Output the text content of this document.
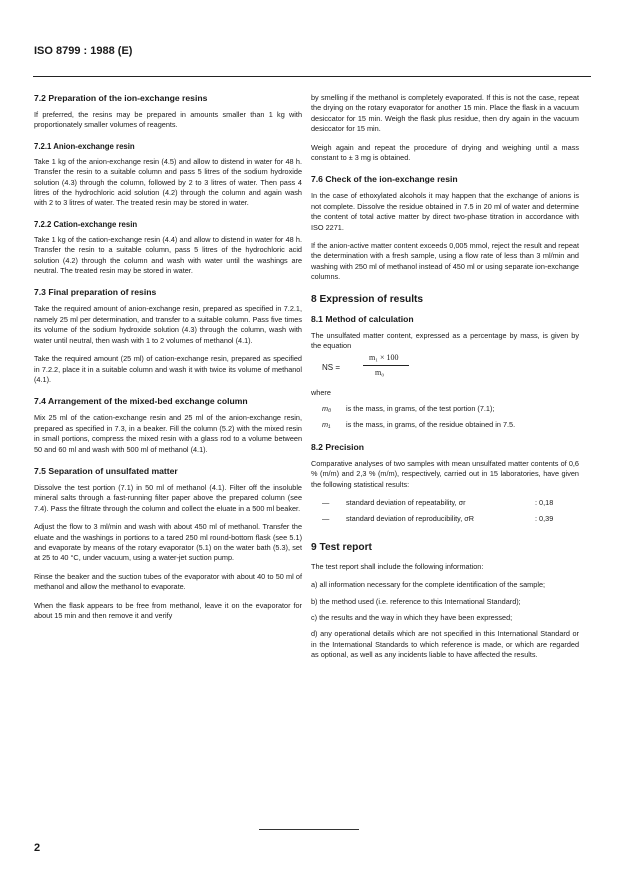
ISO 8799 : 1988 (E)
7.2 Preparation of the ion-exchange resins

If preferred, the resins may be prepared in amounts smaller than 1 kg with proportionately smaller volumes of reagents.

7.2.1 Anion-exchange resin

Take 1 kg of the anion-exchange resin (4.5) and allow to distend in water for 48 h. Transfer the resin to a suitable column and pass 5 litres of the sodium hydroxide solution (4.3) through the column, followed by 2 to 3 litres of water. Then pass 4 litres of the hydrochloric acid solution (4.2) through the column and again wash with 2 to 3 litres of water. The treated resin may be stored in water.

7.2.2 Cation-exchange resin

Take 1 kg of the cation-exchange resin (4.4) and allow to distend in water for 48 h. Transfer the resin to a suitable column, pass 5 litres of the hydrochloric acid solution (4.2) through the column and wash with water until the washings are neutral. The treated resin may be stored in water.

7.3 Final preparation of resins

Take the required amount of anion-exchange resin, prepared as specified in 7.2.1, namely 25 ml per determination, and transfer to a suitable column. Pass five times its volume of the sodium hydroxide solution (4.3) through the column, wash with water until neutral, then wash with 1 to 2 volumes of methanol (4.1).

Take the required amount (25 ml) of cation-exchange resin, prepared as specified in 7.2.2, place it in a suitable column and wash it with twice its volume of methanol (4.1).

7.4 Arrangement of the mixed-bed exchange column

Mix 25 ml of the cation-exchange resin and 25 ml of the anion-exchange resin, prepared as specified in 7.3, in a beaker. Fill the column (5.2) with the mixed resin in small portions, compress the mixed resin with a glass rod to a volume between 50 and 60 ml and wash with 500 ml of methanol (4.1).

7.5 Separation of unsulfated matter

Dissolve the test portion (7.1) in 50 ml of methanol (4.1). Filter off the insoluble mineral salts through a fast-running filter paper above the prepared column (see 7.4). Pass the filtrate through the column and collect the eluate in a 500 ml beaker.

Adjust the flow to 3 ml/min and wash with about 450 ml of methanol. Transfer the eluate and the washings in portions to a tared 250 ml round-bottom flask (see 5.1) and evaporate by means of the rotary evaporator (5.1) on the water bath (5.3), set at 25 to 40 °C, under vacuum, using a water-jet suction pump.

Rinse the beaker and the suction tubes of the evaporator with about 40 to 50 ml of methanol and allow the methanol to evaporate.

When the flask appears to be free from methanol, leave it on the evaporator for about 15 min and then remove it and verify

by smelling if the methanol is completely evaporated. If this is not the case, repeat the drying on the rotary evaporator for another 15 min. Place the flask in a vacuum desiccator for 15 min. Weigh the flask plus residue, then dry again in the vacuum desiccator for 15 min.

Weigh again and repeat the procedure of drying and weighing until a mass constant to ± 3 mg is obtained.

7.6 Check of the ion-exchange resin

In the case of ethoxylated alcohols it may happen that the exchange of anions is not complete. Dissolve the residue obtained in 7.5 in 20 ml of water and determine the content of total active matter by direct two-phase titration in accordance with ISO 2271.

If the anion-active matter content exceeds 0,005 mmol, reject the result and repeat the determination with a fresh sample, using a flow rate of less than 3 ml/min and washing with 250 ml of methanol instead of 450 ml or using separate ion-exchange columns.

8 Expression of results
8.1 Method of calculation

The unsulfated matter content, expressed as a percentage by mass, is given by the equation

NS =
m₁ × 100
m₀

where

m₀	is the mass, in grams, of the test portion (7.1);
m₁	is the mass, in grams, of the residue obtained in 7.5.
8.2 Precision

Comparative analyses of two samples with mean unsulfated matter contents of 0,6 % (m/m) and 2,3 % (m/m), respectively, carried out in 15 laboratories, have given the following statistical results:

—	standard deviation of repeatability, σr	: 0,18
—	standard deviation of reproducibility, σR	: 0,39
9 Test report

The test report shall include the following information:

a) all information necessary for the complete identification of the sample;

b) the method used (i.e. reference to this International Standard);

c) the results and the way in which they have been expressed;

d) any operational details which are not specified in this International Standard or in the International Standards to which reference is made, or which are regarded as optional, as well as any incidents liable to have affected the results.

2
